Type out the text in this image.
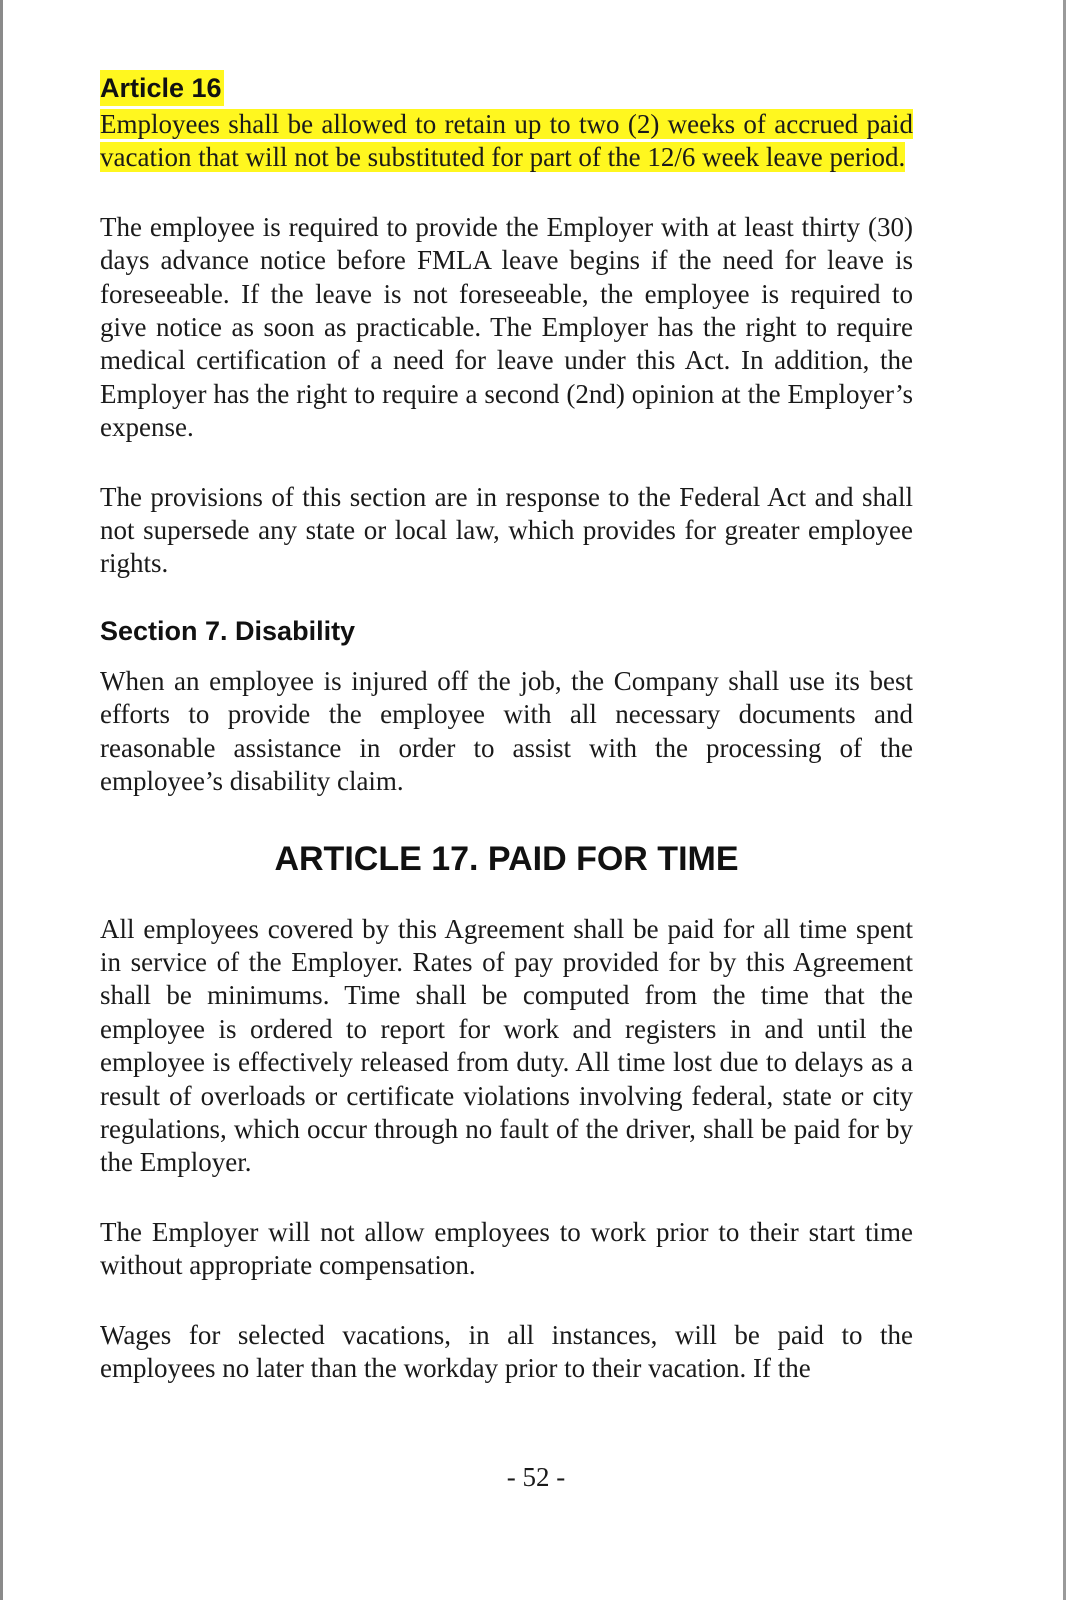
Article 16

Employees shall be allowed to retain up to two (2) weeks of accrued paid vacation that will not be substituted for part of the 12/6 week leave period.

The employee is required to provide the Employer with at least thirty (30) days advance notice before FMLA leave begins if the need for leave is foreseeable. If the leave is not foreseeable, the employee is required to give notice as soon as practicable. The Employer has the right to require medical certification of a need for leave under this Act. In addition, the Employer has the right to require a second (2nd) opinion at the Employer’s expense.

The provisions of this section are in response to the Federal Act and shall not supersede any state or local law, which provides for greater employee rights.

Section 7. Disability

When an employee is injured off the job, the Company shall use its best efforts to provide the employee with all necessary documents and reasonable assistance in order to assist with the processing of the employee’s disability claim.

ARTICLE 17. PAID FOR TIME

All employees covered by this Agreement shall be paid for all time spent in service of the Employer. Rates of pay provided for by this Agreement shall be minimums. Time shall be computed from the time that the employee is ordered to report for work and registers in and until the employee is effectively released from duty. All time lost due to delays as a result of overloads or certificate violations involving federal, state or city regulations, which occur through no fault of the driver, shall be paid for by the Employer.

The Employer will not allow employees to work prior to their start time without appropriate compensation.

Wages for selected vacations, in all instances, will be paid to the employees no later than the workday prior to their vacation. If the

- 52 -
